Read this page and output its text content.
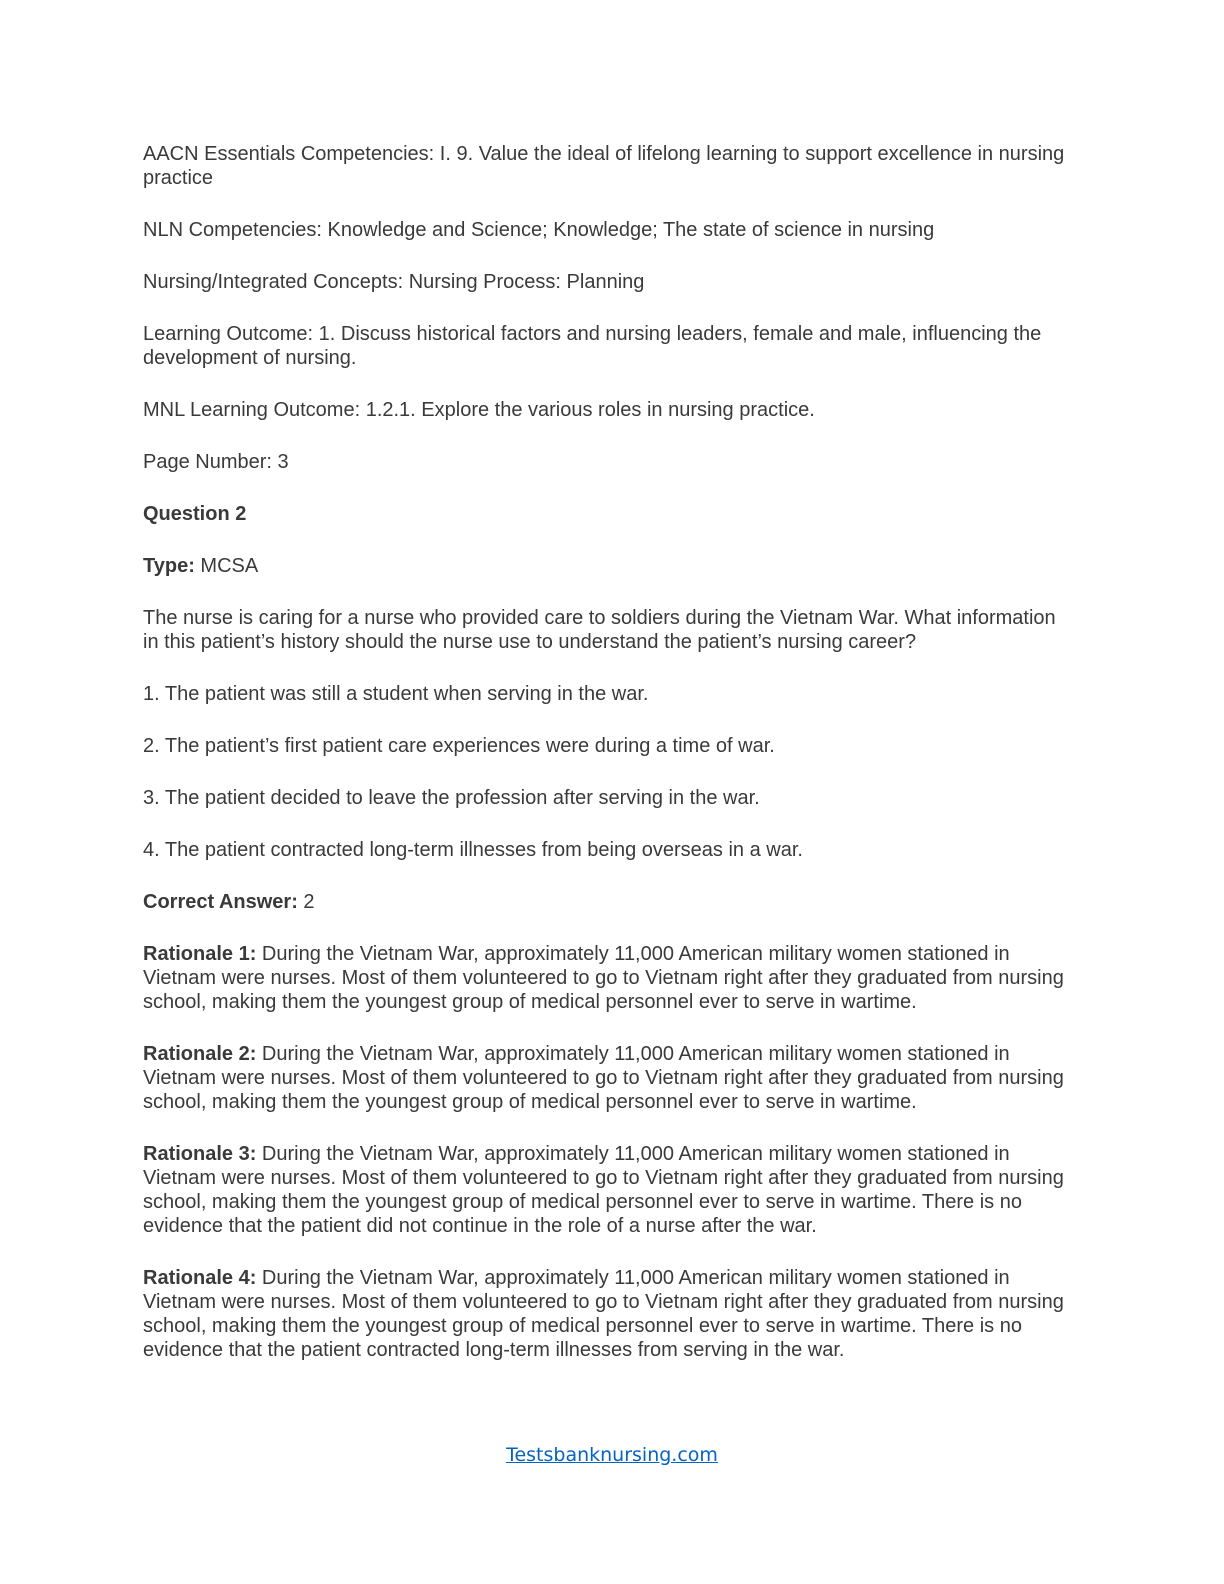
AACN Essentials Competencies: I. 9. Value the ideal of lifelong learning to support excellence in nursing practice

NLN Competencies: Knowledge and Science; Knowledge; The state of science in nursing

Nursing/Integrated Concepts: Nursing Process: Planning

Learning Outcome: 1. Discuss historical factors and nursing leaders, female and male, influencing the development of nursing.

MNL Learning Outcome: 1.2.1. Explore the various roles in nursing practice.

Page Number: 3

Question 2

Type: MCSA

The nurse is caring for a nurse who provided care to soldiers during the Vietnam War. What information in this patient’s history should the nurse use to understand the patient’s nursing career?

1. The patient was still a student when serving in the war.

2. The patient’s first patient care experiences were during a time of war.

3. The patient decided to leave the profession after serving in the war.

4. The patient contracted long-term illnesses from being overseas in a war.

Correct Answer: 2

Rationale 1: During the Vietnam War, approximately 11,000 American military women stationed in Vietnam were nurses. Most of them volunteered to go to Vietnam right after they graduated from nursing school, making them the youngest group of medical personnel ever to serve in wartime.

Rationale 2: During the Vietnam War, approximately 11,000 American military women stationed in Vietnam were nurses. Most of them volunteered to go to Vietnam right after they graduated from nursing school, making them the youngest group of medical personnel ever to serve in wartime.

Rationale 3: During the Vietnam War, approximately 11,000 American military women stationed in Vietnam were nurses. Most of them volunteered to go to Vietnam right after they graduated from nursing school, making them the youngest group of medical personnel ever to serve in wartime. There is no evidence that the patient did not continue in the role of a nurse after the war.

Rationale 4: During the Vietnam War, approximately 11,000 American military women stationed in Vietnam were nurses. Most of them volunteered to go to Vietnam right after they graduated from nursing school, making them the youngest group of medical personnel ever to serve in wartime. There is no evidence that the patient contracted long-term illnesses from serving in the war.

Testsbanknursing.com
